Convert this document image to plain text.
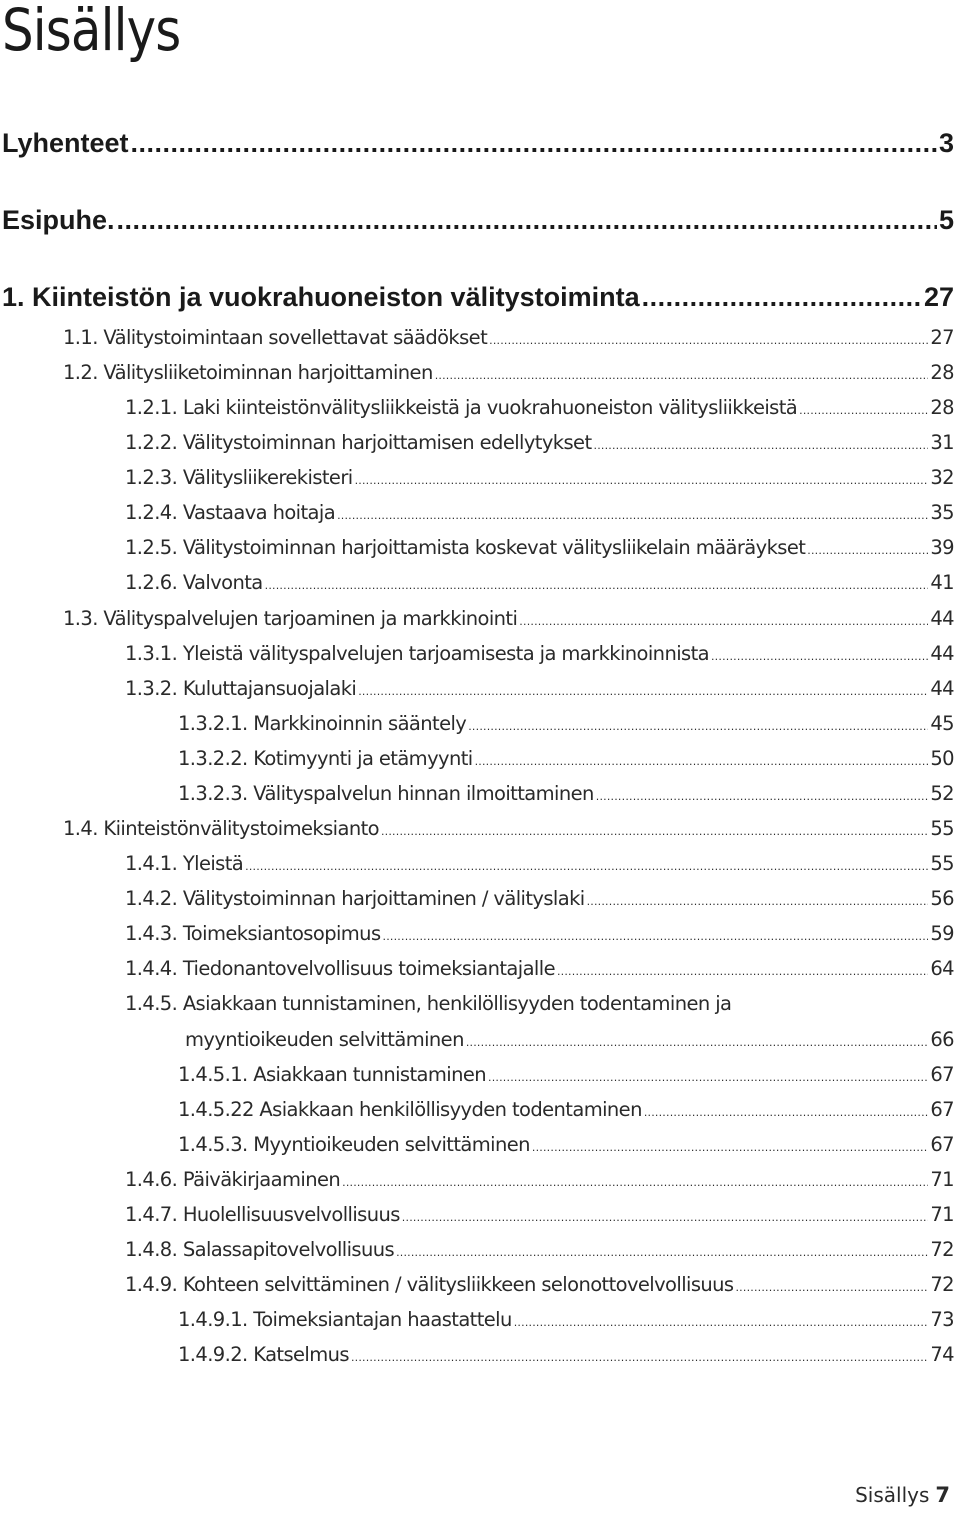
Sisällys
Lyhenteet .....	3
Esipuhe. .....	5
1. Kiinteistön ja vuokrahuoneiston välitystoiminta .....	27
1.1. Välitystoimintaan sovellettavat säädökset .....	27
1.2. Välitysliiketoiminnan harjoittaminen .....	28
1.2.1. Laki kiinteistönvälitysliikkeistä ja vuokrahuoneiston välitysliikkeistä .....	28
1.2.2. Välitystoiminnan harjoittamisen edellytykset .....	31
1.2.3. Välitysliikerekisteri .....	32
1.2.4. Vastaava hoitaja .....	35
1.2.5. Välitystoiminnan harjoittamista koskevat välitysliikelain määräykset .....	39
1.2.6. Valvonta .....	41
1.3. Välityspalvelujen tarjoaminen ja markkinointi .....	44
1.3.1. Yleistä välityspalvelujen tarjoamisesta ja markkinoinnista .....	44
1.3.2. Kuluttajansuojalaki .....	44
1.3.2.1. Markkinoinnin sääntely .....	45
1.3.2.2. Kotimyynti ja etämyynti .....	50
1.3.2.3. Välityspalvelun hinnan ilmoittaminen .....	52
1.4. Kiinteistönvälitystoimeksianto .....	55
1.4.1. Yleistä .....	55
1.4.2. Välitystoiminnan harjoittaminen / välityslaki .....	56
1.4.3. Toimeksiantosopimus .....	59
1.4.4. Tiedonantovelvollisuus toimeksiantajalle .....	64
1.4.5. Asiakkaan tunnistaminen, henkilöllisyyden todentaminen ja
myyntioikeuden selvittäminen .....	66
1.4.5.1. Asiakkaan tunnistaminen .....	67
1.4.5.22 Asiakkaan henkilöllisyyden todentaminen .....	67
1.4.5.3. Myyntioikeuden selvittäminen .....	67
1.4.6. Päiväkirjaaminen .....	71
1.4.7. Huolellisuusvelvollisuus .....	71
1.4.8. Salassapitovelvollisuus .....	72
1.4.9. Kohteen selvittäminen / välitysliikkeen selonottovelvollisuus .....	72
1.4.9.1. Toimeksiantajan haastattelu .....	73
1.4.9.2. Katselmus .....	74
Sisällys 7
